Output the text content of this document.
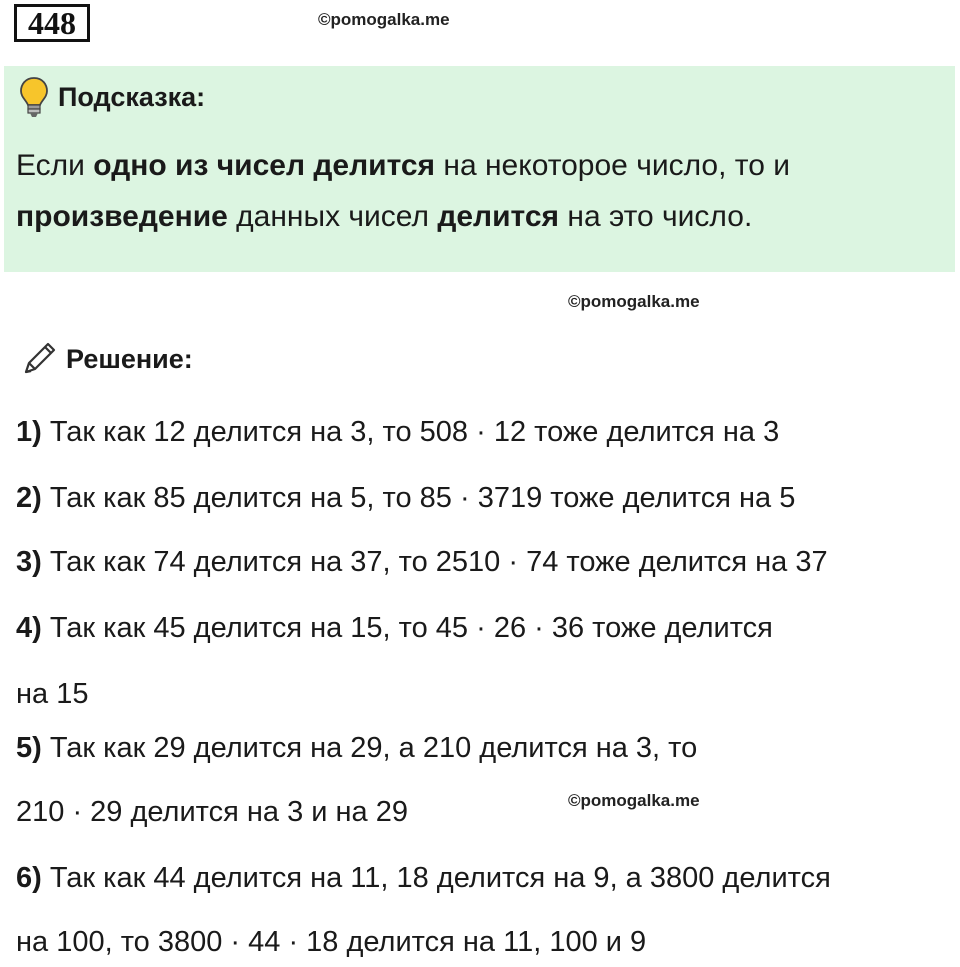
448	©pomogalka.me
Подсказка:
Если одно из чисел делится на некоторое число, то и
произведение данных чисел делится на это число.
©pomogalka.me
Решение:
1) Так как 12 делится на 3, то 508 · 12 тоже делится на 3
2) Так как 85 делится на 5, то 85 · 3719 тоже делится на 5
3) Так как 74 делится на 37, то 2510 · 74 тоже делится на 37
4) Так как 45 делится на 15, то 45 · 26 · 36 тоже делится
на 15
5) Так как 29 делится на 29, а 210 делится на 3, то
210 · 29 делится на 3 и на 29	©pomogalka.me
6) Так как 44 делится на 11, 18 делится на 9, а 3800 делится
на 100, то 3800 · 44 · 18 делится на 11, 100 и 9
